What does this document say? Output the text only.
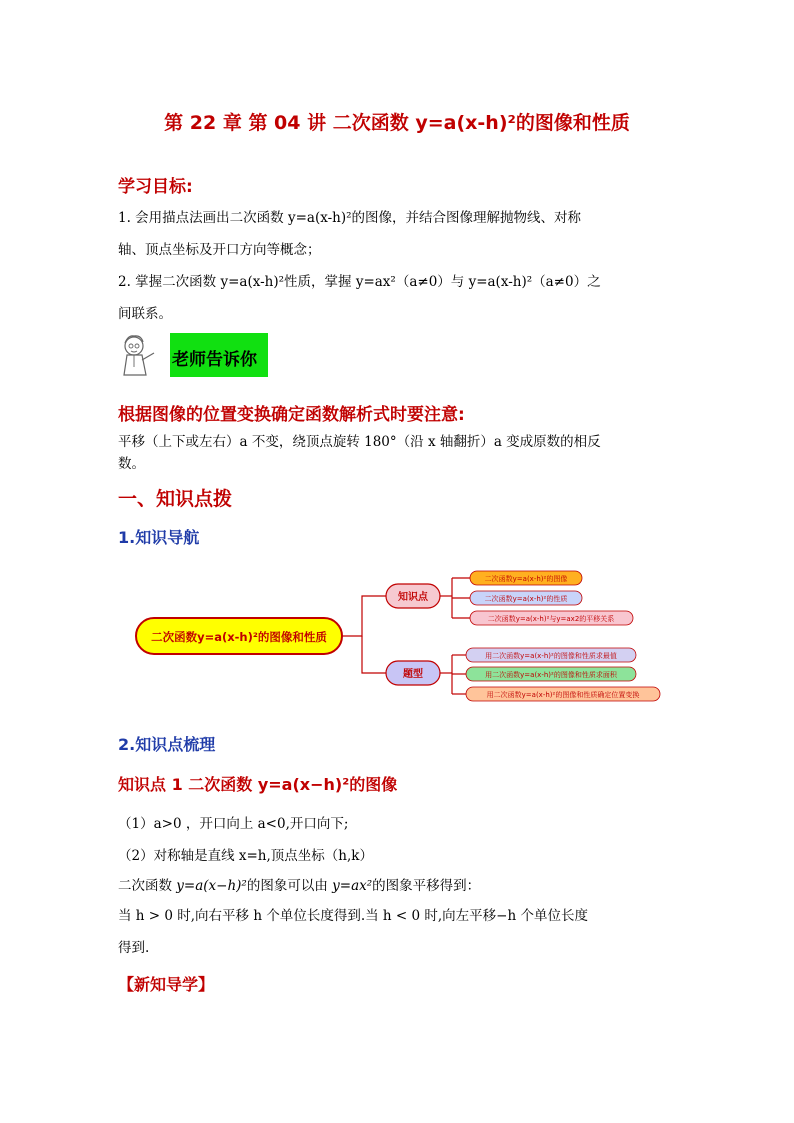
第 22 章 第 04 讲 二次函数 y=a(x-h)²的图像和性质
学习目标:
1. 会用描点法画出二次函数 y=a(x-h)²的图像，并结合图像理解抛物线、对称
轴、顶点坐标及开口方向等概念；
2. 掌握二次函数 y=a(x-h)²性质，掌握 y=ax²（a≠0）与 y=a(x-h)²（a≠0）之
间联系。
老师告诉你
根据图像的位置变换确定函数解析式时要注意:
平移（上下或左右）a 不变，绕顶点旋转 180°（沿 x 轴翻折）a 变成原数的相反
数。
一、知识点拨
1.知识导航
二次函数y=a(x-h)²的图像和性质
知识点
题型
二次函数y=a(x-h)²的图像
二次函数y=a(x-h)²的性质
二次函数y=a(x-h)²与y=ax2的平移关系
用二次函数y=a(x-h)²的图像和性质求最值
用二次函数y=a(x-h)²的图像和性质求面积
用二次函数y=a(x-h)²的图像和性质确定位置变换
2.知识点梳理
知识点 1 二次函数 y=a(x−h)²的图像
（1）a>0 ，开口向上 a<0,开口向下;
（2）对称轴是直线 x=h,顶点坐标（h,k）
二次函数 y=a(x−h)²的图象可以由 y=ax²的图象平移得到：
当 h > 0 时,向右平移 h 个单位长度得到.当 h < 0 时,向左平移−h 个单位长度
得到.
【新知导学】
